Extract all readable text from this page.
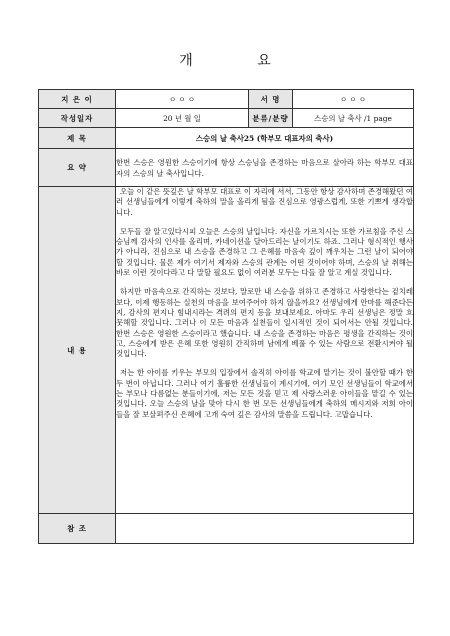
개 요
지 은 이	ㅇ ㅇ ㅇ	서 명	ㅇ ㅇ ㅇ
작성일자	20 년 월 일	분류/분량	스승의 날 축사 /1 page
제 목	스승의 날 축사25 (학부모 대표자의 축사)		
요 약	한번 스승은 영원한 스승이기에 항상 스승님을 존경하는 마음으로 살아라 하는 학부모 대표자의 스승의 날 축사입니다.		
내 용	오늘 이 같은 뜻깊은 날 학부모 대표로 이 자리에 서서, 그동안 항상 감사하며 존경해왔던 여러 선생님들에게 이렇게 축하의 말을 올리게 됨을 진심으로 영광스럽게, 또한 기쁘게 생각합니다.

모두들 잘 알고있다시피 오늘은 스승의 날입니다. 자신을 가르치시는 또한 가르침을 주신 스승님께 감사의 인사를 올리며, 카네이션을 달아드리는 날이기도 하죠. 그러나 형식적인 행사가 아니라, 진심으로 내 스승을 존경하고 그 은혜를 마음속 깊이 깨우치는 그런 날이 되어야 할 것입니다. 물론 제가 여기서 제자와 스승의 관계는 어떤 것이어야 하며, 스승의 날 취해는 바로 이런 것이다라고 다 말할 필요도 없이 여러분 모두는 다들 잘 알고 계실 것입니다.

하지만 마음속으로 간직하는 것보다, 말로만 내 스승을 위하고 존경하고 사랑한다는 겉치레 보다, 이제 행동하는 실천의 마음을 보여주어야 하지 않을까요? 선생님에게 안마를 해준다든지, 감사의 편지나 힘내시라는 격려의 편지 등을 보내보세요. 아마도 우리 선생님은 정말 흐뭇해할 것입니다. 그러나 이 모든 마음과 실천들이 일시적인 것이 되어서는 안될 것입니다. 한번 스승은 영원한 스승이라고 했습니다. 내 스승을 존경하는 마음은 평생을 간직하는 것이고, 스승에게 받은 은혜 또한 영원히 간직하며 남에게 베풀 수 있는 사람으로 전환시켜야 될 것입니다.

저는 한 아이를 키우는 부모의 입장에서 솔직히 아이를 학교에 맡기는 것이 불안할 때가 한 두 번이 아닙니다. 그러나 여기 훌륭한 선생님들이 계시기에, 여기 모인 선생님들이 학교에서는 부모나 다름없는 분들이기에, 저는 모든 것을 믿고 제 사랑스러운 아이들을 맡길 수 있는 것입니다. 오늘 스승의 날을 맞아 다시 한 번 모든 선생님들에게 축하의 메시지와 저희 아이들을 잘 보살펴주신 은혜에 고개 숙여 깊은 감사의 말씀을 드립니다. 고맙습니다.		

참 조			
